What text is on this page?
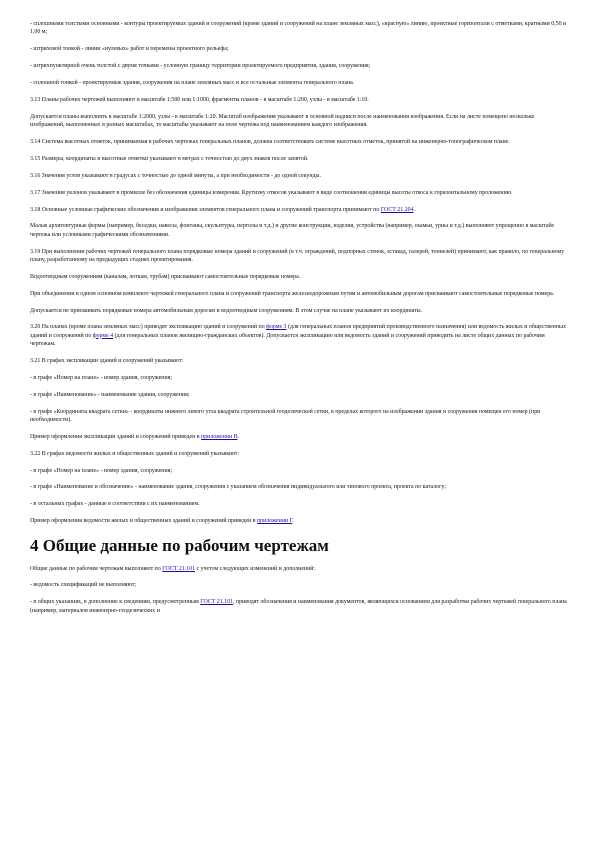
- сплошными толстыми основными - контуры проектируемых зданий и сооружений (кроме зданий и сооружений на плане земляных масс), «красную» линию, проектные горизонтали с отметками, кратными 0,50 и 1,00 м;

- штриховой тонкой - линии «нулевых» работ и перемены проектного рельефа;

- штрихпунктирной очень толстой с двумя точками - условную границу территории проектируемого предприятия, здания, сооружения;

- сплошной тонкой - проектируемые здания, сооружения на плане земляных масс и все остальные элементы генерального плана.

3.13 Планы рабочих чертежей выполняют в масштабе 1:500 или 1:1000, фрагменты планов - в масштабе 1:200, узлы - в масштабе 1:10.

Допускается планы выполнять в масштабе 1:2000, узлы - в масштабе 1:20. Масштаб изображения указывают в основной надписи после наименования изображения. Если на листе помещено несколько изображений, выполненных в разных масштабах, то масштабы указывают на поле чертежа под наименованием каждого изображения.

3.14 Система высотных отметок, принимаемая в рабочих чертежах генеральных планов, должна соответствовать системе высотных отметок, принятой на инженерно-топографическом плане.

3.15 Размеры, координаты и высотные отметки указывают в метрах с точностью до двух знаков после запятой.

3.16 Значения углов указывают в градусах с точностью до одной минуты, а при необходимости - до одной секунды.

3.17 Значения уклонов указывают в промилле без обозначения единицы измерения. Крутизну откосов указывают в виде соотношения единицы высоты откоса к горизонтальному проложению.

3.18 Основные условные графические обозначения и изображения элементов генерального плана и сооружений транспорта принимают по ГОСТ 21.204.

Малые архитектурные формы (например, беседки, навесы, фонтаны, скульптуры, перголы и т.д.) и другие конструкции, изделия, устройства (например, скамьи, урны и т.д.) выполняют упрощенно в масштабе чертежа или условными графическими обозначениями.

3.19 При выполнении рабочих чертежей генерального плана порядковые номера зданий и сооружений (в т.ч. ограждений, подпорных стенок, эстакад, галерей, тоннелей) принимают, как правило, по генеральному плану, разработанному на предыдущих стадиях проектирования.

Водоотводным сооружениям (каналам, лоткам, трубам) присваивают самостоятельные порядковые номера.

При объединении в одном основном комплекте чертежей генерального плана и сооружений транспорта железнодорожным путям и автомобильным дорогам присваивают самостоятельные порядковые номера.

Допускается не присваивать порядковые номера автомобильным дорогам и водоотводным сооружениям. В этом случае на плане указывают их координаты.

3.20 На планах (кроме плана земляных масс) приводят экспликацию зданий и сооружений по форме 3 (для генеральных планов предприятий производственного назначения) или ведомость жилых и общественных зданий и сооружений по форме 4 (для генеральных планов жилищно-гражданских объектов). Допускается экспликацию или ведомость зданий и сооружений приводить на листе общих данных по рабочим чертежам.

3.21 В графах экспликации зданий и сооружений указывают:

- в графе «Номер на плане» - номер здания, сооружения;

- в графе «Наименование» - наименование здания, сооружения;

- в графе «Координаты квадрата сетки» - координаты нижнего левого угла квадрата строительной геодезической сетки, в пределах которого на изображении здания и сооружения помещен его номер (при необходимости).

Пример оформления экспликации зданий и сооружений приведен в приложении В.

3.22 В графах ведомости жилых и общественных зданий и сооружений указывают:

- в графе «Номер на плане» - номер здания, сооружения;

- в графе «Наименование и обозначение» - наименование здания, сооружения с указанием обозначения индивидуального или типового проекта, проекта по каталогу;

- в остальных графах - данные в соответствии с их наименованием.

Пример оформления ведомости жилых и общественных зданий и сооружений приведен в приложении Г.

4 Общие данные по рабочим чертежам

Общие данные по рабочим чертежам выполняют по ГОСТ 21.101 с учетом следующих изменений и дополнений:

- ведомость спецификаций не выполняют;

- в общих указаниях, в дополнение к сведениям, предусмотренным ГОСТ 21.101, приводят обозначения и наименования документов, являющихся основанием для разработки рабочих чертежей генерального плана (например, материалов инженерно-геодезических и
